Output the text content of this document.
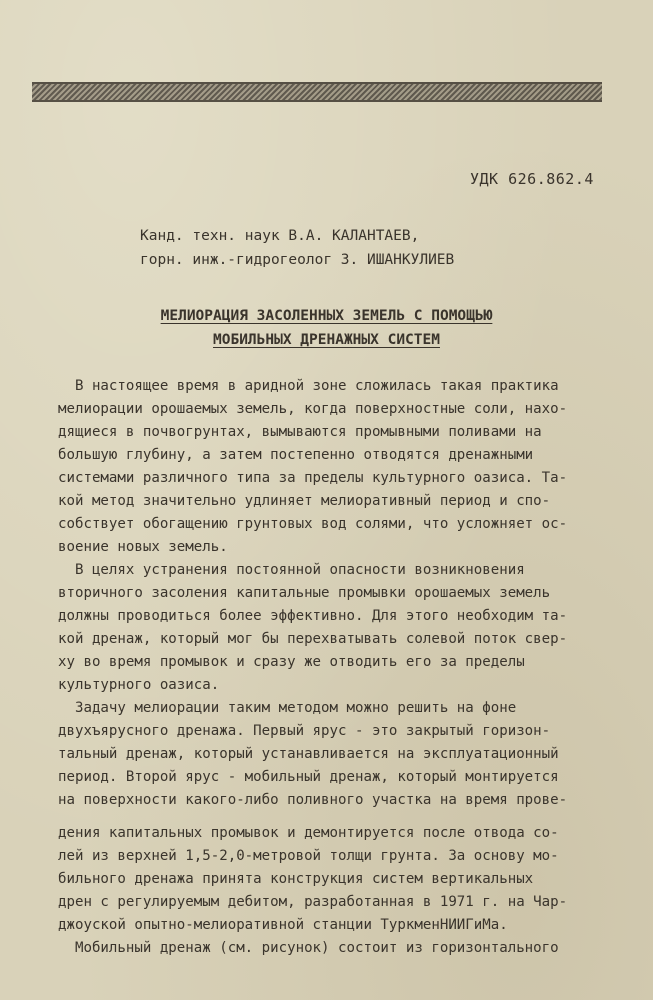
УДК 626.862.4
Канд. техн. наук В.А. КАЛАНТАЕВ,
горн. инж.-гидрогеолог З. ИШАНКУЛИЕВ
МЕЛИОРАЦИЯ ЗАСОЛЕННЫХ ЗЕМЕЛЬ С ПОМОЩЬЮ
МОБИЛЬНЫХ ДРЕНАЖНЫХ СИСТЕМ
В настоящее время в аридной зоне сложилась такая практика
мелиорации орошаемых земель, когда поверхностные соли, нахо-
дящиеся в почвогрунтах, вымываются промывными поливами на
большую глубину, а затем постепенно отводятся дренажными
системами различного типа за пределы культурного оазиса. Та-
кой метод значительно удлиняет мелиоративный период и спо-
собствует обогащению грунтовых вод солями, что усложняет ос-
воение новых земель.
В целях устранения постоянной опасности возникновения
вторичного засоления капитальные промывки орошаемых земель
должны проводиться более эффективно. Для этого необходим та-
кой дренаж, который мог бы перехватывать солевой поток свер-
ху во время промывок и сразу же отводить его за пределы
культурного оазиса.
Задачу мелиорации таким методом можно решить на фоне
двухъярусного дренажа. Первый ярус - это закрытый горизон-
тальный дренаж, который устанавливается на эксплуатационный
период. Второй ярус - мобильный дренаж, который монтируется
на поверхности какого-либо поливного участка на время прове-
дения капитальных промывок и демонтируется после отвода со-
лей из верхней 1,5-2,0-метровой толщи грунта. За основу мо-
бильного дренажа принята конструкция систем вертикальных
дрен с регулируемым дебитом, разработанная в 1971 г. на Чар-
джоуской опытно-мелиоративной станции ТуркменНИИГиМа.
Мобильный дренаж (см. рисунок) состоит из горизонтального
